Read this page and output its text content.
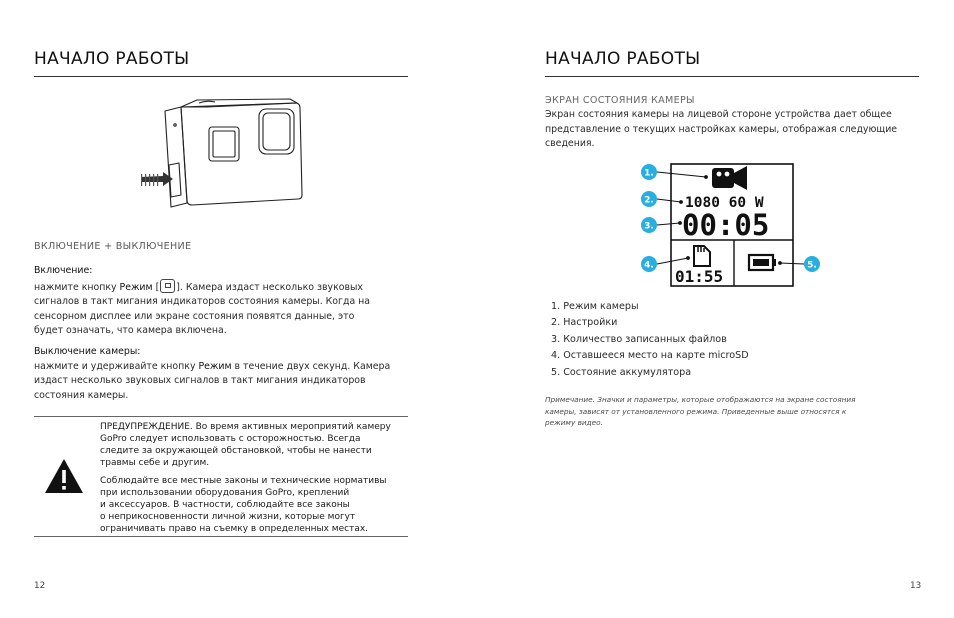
НАЧАЛО РАБОТЫ
ВКЛЮЧЕНИЕ + ВЫКЛЮЧЕНИЕ
Включение:
нажмите кнопку Режим [ ]. Камера издаст несколько звуковых
сигналов в такт мигания индикаторов состояния камеры. Когда на
сенсорном дисплее или экране состояния появятся данные, это
будет означать, что камера включена.
Выключение камеры:
нажмите и удерживайте кнопку Режим в течение двух секунд. Камера
издаст несколько звуковых сигналов в такт мигания индикаторов
состояния камеры.
ПРЕДУПРЕЖДЕНИЕ. Во время активных мероприятий камеру
GoPro следует использовать с осторожностью. Всегда
следите за окружающей обстановкой, чтобы не нанести
травмы себе и другим.
Соблюдайте все местные законы и технические нормативы
при использовании оборудования GoPro, креплений
и аксессуаров. В частности, соблюдайте все законы
о неприкосновенности личной жизни, которые могут
ограничивать право на съемку в определенных местах.
12
НАЧАЛО РАБОТЫ
ЭКРАН СОСТОЯНИЯ КАМЕРЫ
Экран состояния камеры на лицевой стороне устройства дает общее
представление о текущих настройках камеры, отображая следующие
сведения.
1080 60 W
00:05
01:55
1.
2.
3.
4.	5.
1. Режим камеры
2. Настройки
3. Количество записанных файлов
4. Оставшееся место на карте microSD
5. Состояние аккумулятора
Примечание. Значки и параметры, которые отображаются на экране состояния
камеры, зависят от установленного режима. Приведенные выше относятся к
режиму видео.
13
